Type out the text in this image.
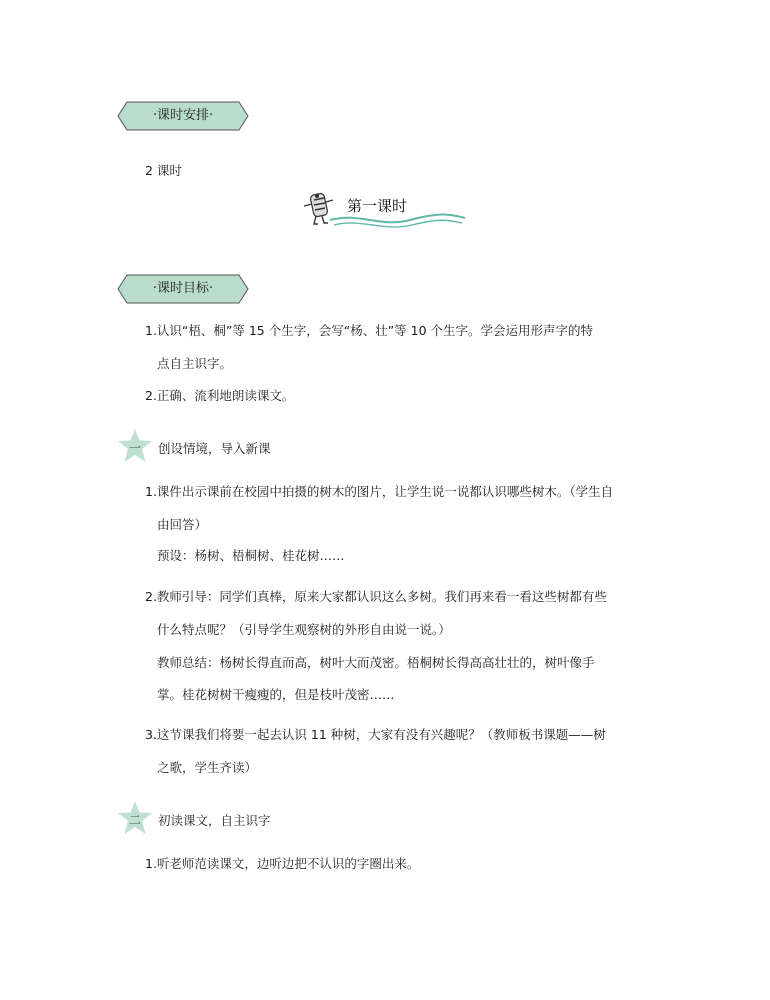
·课时安排·
2 课时
第一课时
·课时目标·
1.认识“梧、桐”等 15 个生字，会写“杨、壮”等 10 个生字。学会运用形声字的特
点自主识字。
2.正确、流利地朗读课文。
一	创设情境，导入新课
1.课件出示课前在校园中拍摄的树木的图片，让学生说一说都认识哪些树木。（学生自
由回答）
预设：杨树、梧桐树、桂花树……
2.教师引导：同学们真棒，原来大家都认识这么多树。我们再来看一看这些树都有些
什么特点呢？（引导学生观察树的外形自由说一说。）
教师总结：杨树长得直而高，树叶大而茂密。梧桐树长得高高壮壮的，树叶像手
掌。桂花树树干瘦瘦的，但是枝叶茂密……
3.这节课我们将要一起去认识 11 种树，大家有没有兴趣呢？（教师板书课题——树
之歌，学生齐读）
二	初读课文，自主识字
1.听老师范读课文，边听边把不认识的字圈出来。
